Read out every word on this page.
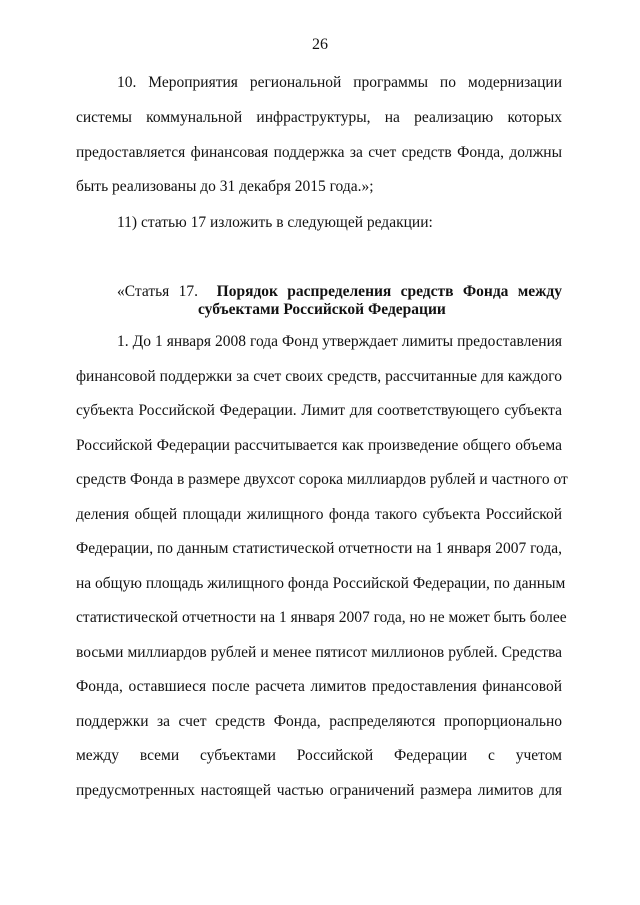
26
10. Мероприятия региональной программы по модернизации
системы коммунальной инфраструктуры, на реализацию которых
предоставляется финансовая поддержка за счет средств Фонда, должны
быть реализованы до 31 декабря 2015 года.»;
11) статью 17 изложить в следующей редакции:
«Статья 17. Порядок распределения средств Фонда между
субъектами Российской Федерации
1. До 1 января 2008 года Фонд утверждает лимиты предоставления
финансовой поддержки за счет своих средств, рассчитанные для каждого
субъекта Российской Федерации. Лимит для соответствующего субъекта
Российской Федерации рассчитывается как произведение общего объема
средств Фонда в размере двухсот сорока миллиардов рублей и частного от
деления общей площади жилищного фонда такого субъекта Российской
Федерации, по данным статистической отчетности на 1 января 2007 года,
на общую площадь жилищного фонда Российской Федерации, по данным
статистической отчетности на 1 января 2007 года, но не может быть более
восьми миллиардов рублей и менее пятисот миллионов рублей. Средства
Фонда, оставшиеся после расчета лимитов предоставления финансовой
поддержки за счет средств Фонда, распределяются пропорционально
между всеми субъектами Российской Федерации с учетом
предусмотренных настоящей частью ограничений размера лимитов для
